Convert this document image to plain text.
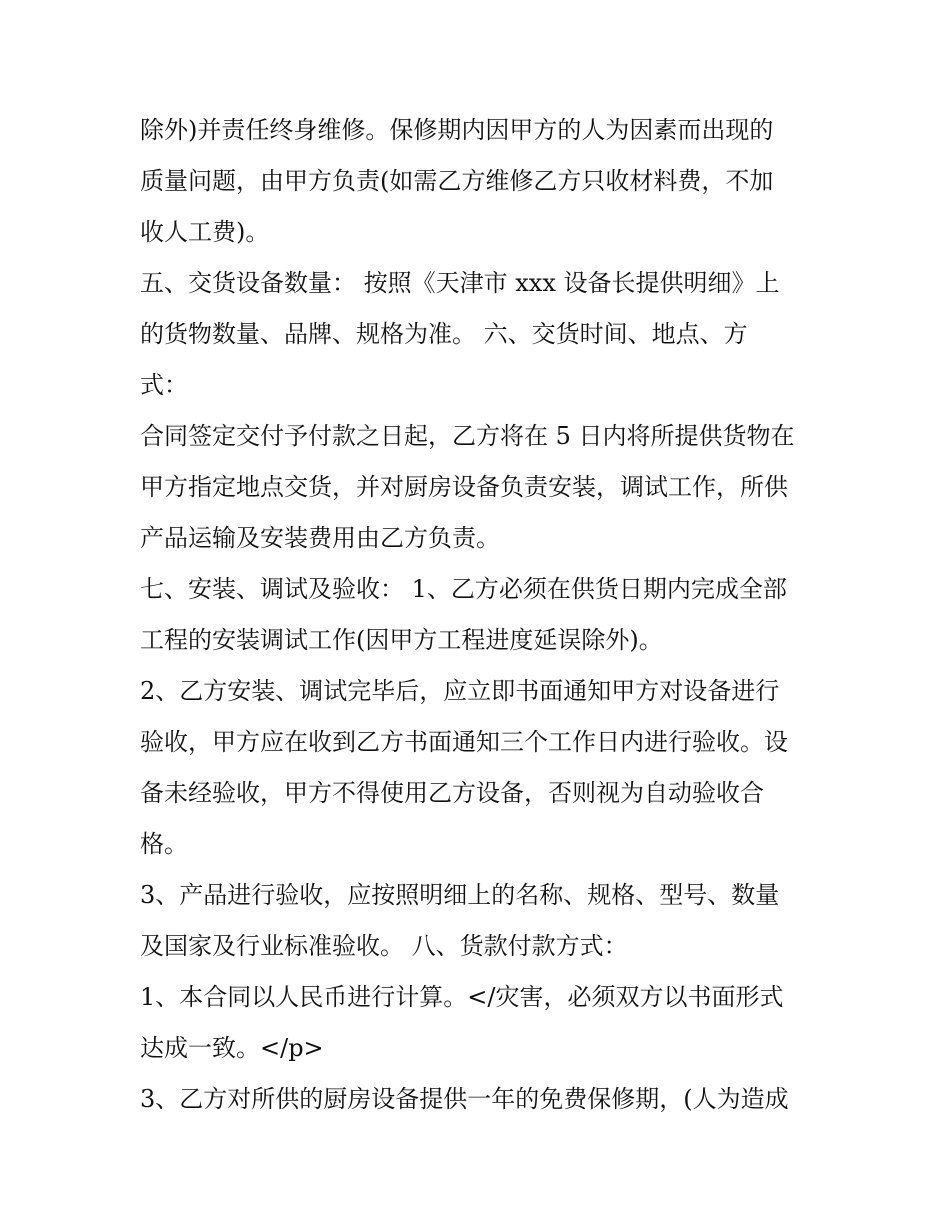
除外)并责任终身维修。保修期内因甲方的人为因素而出现的
质量问题，由甲方负责(如需乙方维修乙方只收材料费，不加
收人工费)。
五、交货设备数量： 按照《天津市 xxx 设备长提供明细》上
的货物数量、品牌、规格为准。 六、交货时间、地点、方
式：
合同签定交付予付款之日起，乙方将在 5 日内将所提供货物在
甲方指定地点交货，并对厨房设备负责安装，调试工作，所供
产品运输及安装费用由乙方负责。
七、安装、调试及验收： 1、乙方必须在供货日期内完成全部
工程的安装调试工作(因甲方工程进度延误除外)。
2、乙方安装、调试完毕后，应立即书面通知甲方对设备进行
验收，甲方应在收到乙方书面通知三个工作日内进行验收。设
备未经验收，甲方不得使用乙方设备，否则视为自动验收合
格。
3、产品进行验收，应按照明细上的名称、规格、型号、数量
及国家及行业标准验收。 八、货款付款方式：
1、本合同以人民币进行计算。</灾害，必须双方以书面形式
达成一致。</p>
3、乙方对所供的厨房设备提供一年的免费保修期，(人为造成
